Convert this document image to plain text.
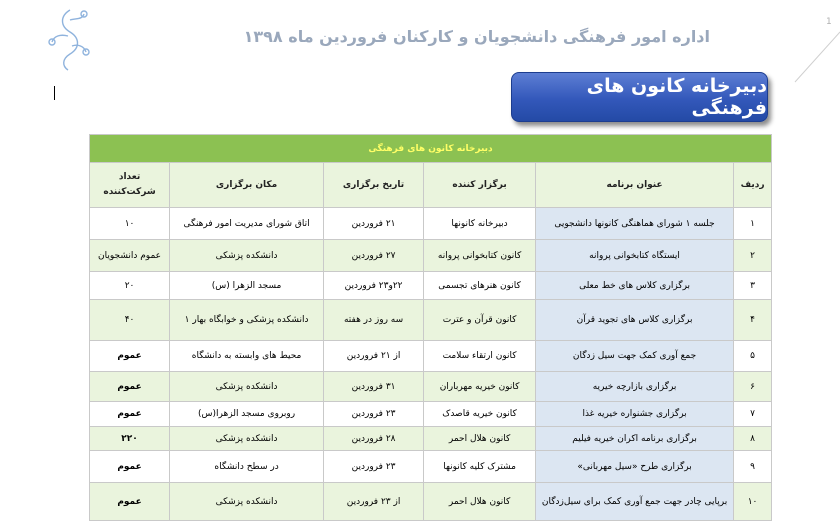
1
اداره امور فرهنگی دانشجویان و کارکنان فروردین ماه ۱۳۹۸
دبیرخانه کانون های فرهنگی
دبیرخانه کانون های فرهنگی					
ردیف	عنوان برنامه	برگزار کننده	تاریخ برگزاری	مکان برگزاری	تعداد شرکت‌کننده
۱	جلسه ۱ شورای هماهنگی کانونها دانشجویی	دبیرخانه کانونها	۲۱ فروردین	اتاق شورای مدیریت امور فرهنگی	۱۰
۲	ایستگاه کتابخوانی پروانه	کانون کتابخوانی پروانه	۲۷ فروردین	دانشکده پزشکی	عموم دانشجویان
۳	برگزاری کلاس های خط معلی	کانون هنرهای تجسمی	۲۲و۲۳ فروردین	مسجد الزهرا (س)	۲۰
۴	برگزاری کلاس های تجوید قرآن	کانون قرآن و عترت	سه روز در هفته	دانشکده پزشکی و خوابگاه بهار ۱	۴۰
۵	جمع آوری کمک جهت سیل زدگان	کانون ارتقاء سلامت	از ۲۱ فروردین	محیط های وابسته به دانشگاه	عموم
۶	برگزاری بازارچه خیریه	کانون خیریه مهرباران	۳۱ فروردین	دانشکده پزشکی	عموم
۷	برگزاری جشنواره خیریه غذا	کانون خیریه قاصدک	۲۳ فروردین	روبروی مسجد الزهرا(س)	عموم
۸	برگزاری برنامه اکران خیریه فیلیم	کانون هلال احمر	۲۸ فروردین	دانشکده پزشکی	۲۲۰
۹	برگزاری طرح «سیل مهربانی»	مشترک کلیه کانونها	۲۳ فروردین	در سطح دانشگاه	عموم
۱۰	برپایی چادر جهت جمع آوری کمک برای سیل‌زدگان	کانون هلال احمر	از ۲۳ فروردین	دانشکده پزشکی	عموم
